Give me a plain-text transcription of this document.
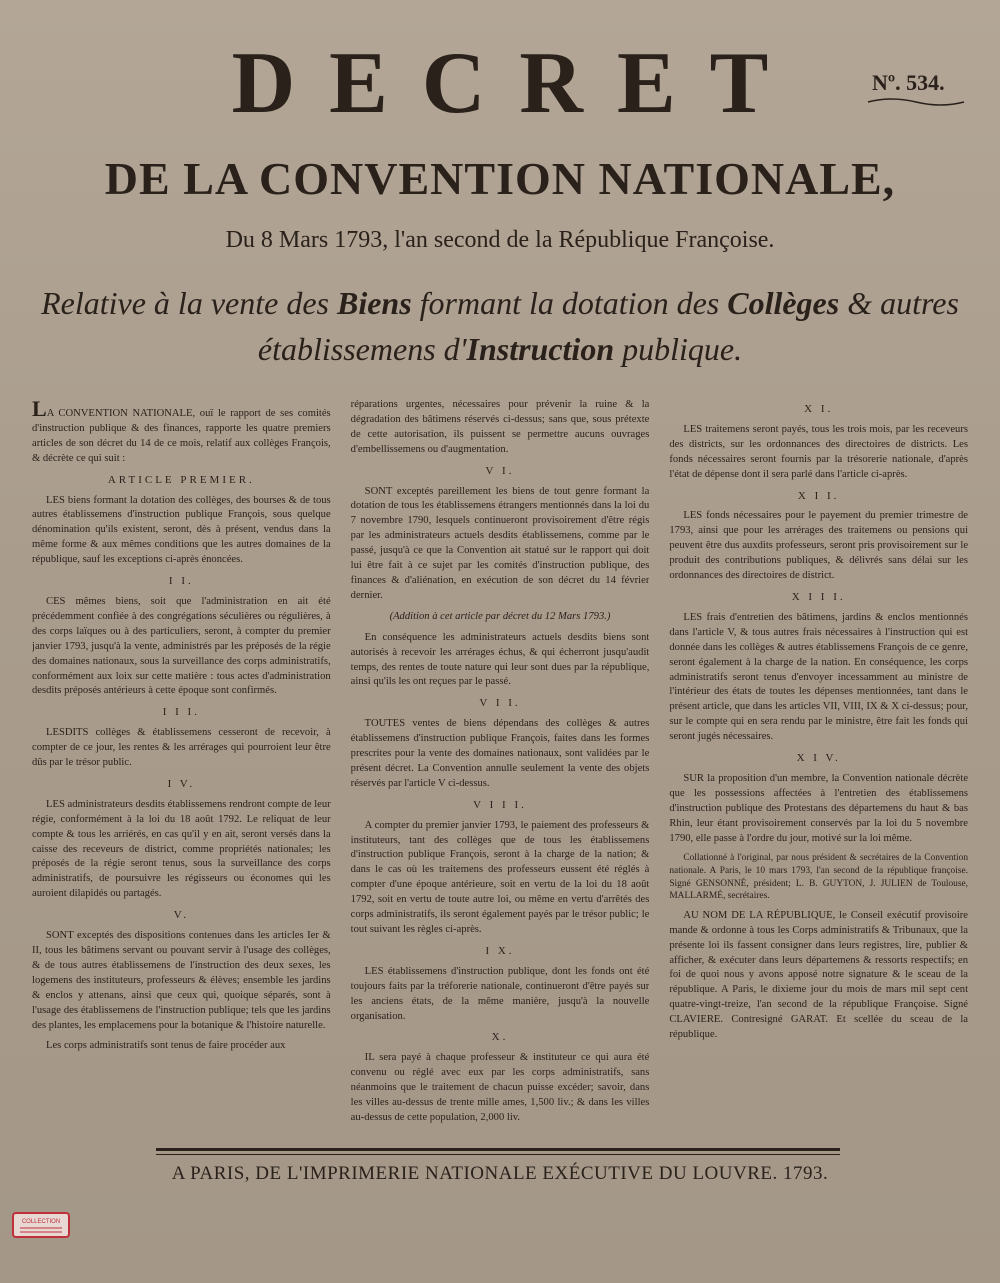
DECRET	Nº. 534.
DE LA CONVENTION NATIONALE,
Du 8 Mars 1793, l'an second de la République Françoise.
Relative à la vente des Biens formant la dotation des Collèges & autres établissemens d'Instruction publique.

LA CONVENTION NATIONALE, ouï le rapport de ses comités d'instruction publique & des finances, rapporte les quatre premiers articles de son décret du 14 de ce mois, relatif aux collèges François, & décrète ce qui suit :

ARTICLE PREMIER.

LES biens formant la dotation des collèges, des bourses & de tous autres établissemens d'instruction publique François, sous quelque dénomination qu'ils existent, seront, dès à présent, vendus dans la même forme & aux mêmes conditions que les autres domaines de la république, sauf les exceptions ci-après énoncées.

I I.

CES mêmes biens, soit que l'administration en ait été précédemment confiée à des congrégations séculières ou régulières, à des corps laïques ou à des particuliers, seront, à compter du premier janvier 1793, jusqu'à la vente, administrés par les préposés de la régie des domaines nationaux, sous la surveillance des corps administratifs, conformément aux loix sur cette matière : tous actes d'administration desdits préposés antérieurs à cette époque sont confirmés.

I I I.

LESDITS collèges & établissemens cesseront de recevoir, à compter de ce jour, les rentes & les arrérages qui pourroient leur être dûs par le trésor public.

I V.

LES administrateurs desdits établissemens rendront compte de leur régie, conformément à la loi du 18 août 1792. Le reliquat de leur compte & tous les arriérés, en cas qu'il y en ait, seront versés dans la caisse des receveurs de district, comme propriétés nationales; les préposés de la régie seront tenus, sous la surveillance des corps administratifs, de poursuivre les régisseurs ou économes qui les auroient dilapidés ou partagés.

V.

SONT exceptés des dispositions contenues dans les articles Ier & II, tous les bâtimens servant ou pouvant servir à l'usage des collèges, & de tous autres établissemens de l'instruction des deux sexes, les logemens des instituteurs, professeurs & élèves; ensemble les jardins & enclos y attenans, ainsi que ceux qui, quoique séparés, sont à l'usage des établissemens de l'instruction publique; tels que les jardins des plantes, les emplacemens pour la botanique & l'histoire naturelle.

Les corps administratifs sont tenus de faire procéder aux

réparations urgentes, nécessaires pour prévenir la ruine & la dégradation des bâtimens réservés ci-dessus; sans que, sous prétexte de cette autorisation, ils puissent se permettre aucuns ouvrages d'embellissemens ou d'augmentation.

V I.

SONT exceptés pareillement les biens de tout genre formant la dotation de tous les établissemens étrangers mentionnés dans la loi du 7 novembre 1790, lesquels continueront provisoirement d'être régis par les administrateurs actuels desdits établissemens, comme par le passé, jusqu'à ce que la Convention ait statué sur le rapport qui doit lui être fait à ce sujet par les comités d'instruction publique, des finances & d'aliénation, en exécution de son décret du 14 février dernier.

(Addition à cet article par décret du 12 Mars 1793.)

En conséquence les administrateurs actuels desdits biens sont autorisés à recevoir les arrérages échus, & qui écherront jusqu'audit temps, des rentes de toute nature qui leur sont dues par la république, ainsi qu'ils les ont reçues par le passé.

V I I.

TOUTES ventes de biens dépendans des collèges & autres établissemens d'instruction publique François, faites dans les formes prescrites pour la vente des domaines nationaux, sont validées par le présent décret. La Convention annulle seulement la vente des objets réservés par l'article V ci-dessus.

V I I I.

A compter du premier janvier 1793, le paiement des professeurs & instituteurs, tant des collèges que de tous les établissemens d'instruction publique François, seront à la charge de la nation; & dans le cas où les traitemens des professeurs eussent été réglés à compter d'une époque antérieure, soit en vertu de la loi du 18 août 1792, soit en vertu de toute autre loi, ou même en vertu d'arrêtés des corps administratifs, ils seront également payés par le trésor public; le tout suivant les règles ci-après.

I X.

LES établissemens d'instruction publique, dont les fonds ont été toujours faits par la tréforerie nationale, continueront d'être payés sur les anciens états, de la même manière, jusqu'à la nouvelle organisation.

X.

IL sera payé à chaque professeur & instituteur ce qui aura été convenu ou réglé avec eux par les corps administratifs, sans néanmoins que le traitement de chacun puisse excéder; savoir, dans les villes au-dessus de trente mille ames, 1,500 liv.; & dans les villes au-dessus de cette population, 2,000 liv.

X I.

LES traitemens seront payés, tous les trois mois, par les receveurs des districts, sur les ordonnances des directoires de districts. Les fonds nécessaires seront fournis par la trésorerie nationale, d'après l'état de dépense dont il sera parlé dans l'article ci-après.

X I I.

LES fonds nécessaires pour le payement du premier trimestre de 1793, ainsi que pour les arrérages des traitemens ou pensions qui peuvent être dus auxdits professeurs, seront pris provisoirement sur le produit des contributions publiques, & délivrés sans délai sur les ordonnances des directoires de district.

X I I I.

LES frais d'entretien des bâtimens, jardins & enclos mentionnés dans l'article V, & tous autres frais nécessaires à l'instruction qui est donnée dans les collèges & autres établissemens François de ce genre, seront également à la charge de la nation. En conséquence, les corps administratifs seront tenus d'envoyer incessamment au ministre de l'intérieur des états de toutes les dépenses mentionnées, tant dans le présent article, que dans les articles VII, VIII, IX & X ci-dessus; pour, sur le compte qui en sera rendu par le ministre, être fait les fonds qui seront jugés nécessaires.

X I V.

SUR la proposition d'un membre, la Convention nationale décrète que les possessions affectées à l'entretien des établissemens d'instruction publique des Protestans des départemens du haut & bas Rhin, leur étant provisoirement conservés par la loi du 5 novembre 1790, elle passe à l'ordre du jour, motivé sur la loi même.

Collationné à l'original, par nous président & secrétaires de la Convention nationale. A Paris, le 10 mars 1793, l'an second de la république françoise. Signé GENSONNÉ, président; L. B. GUYTON, J. JULIEN de Toulouse, MALLARMÉ, secrétaires.

AU NOM DE LA RÉPUBLIQUE, le Conseil exécutif provisoire mande & ordonne à tous les Corps administratifs & Tribunaux, que la présente loi ils fassent consigner dans leurs registres, lire, publier & afficher, & exécuter dans leurs départemens & ressorts respectifs; en foi de quoi nous y avons apposé notre signature & le sceau de la république. A Paris, le dixieme jour du mois de mars mil sept cent quatre-vingt-treize, l'an second de la république Françoise. Signé CLAVIERE. Contresigné GARAT. Et scellée du sceau de la république.

A PARIS, DE L'IMPRIMERIE NATIONALE EXÉCUTIVE DU LOUVRE. 1793.
COLLECTION
